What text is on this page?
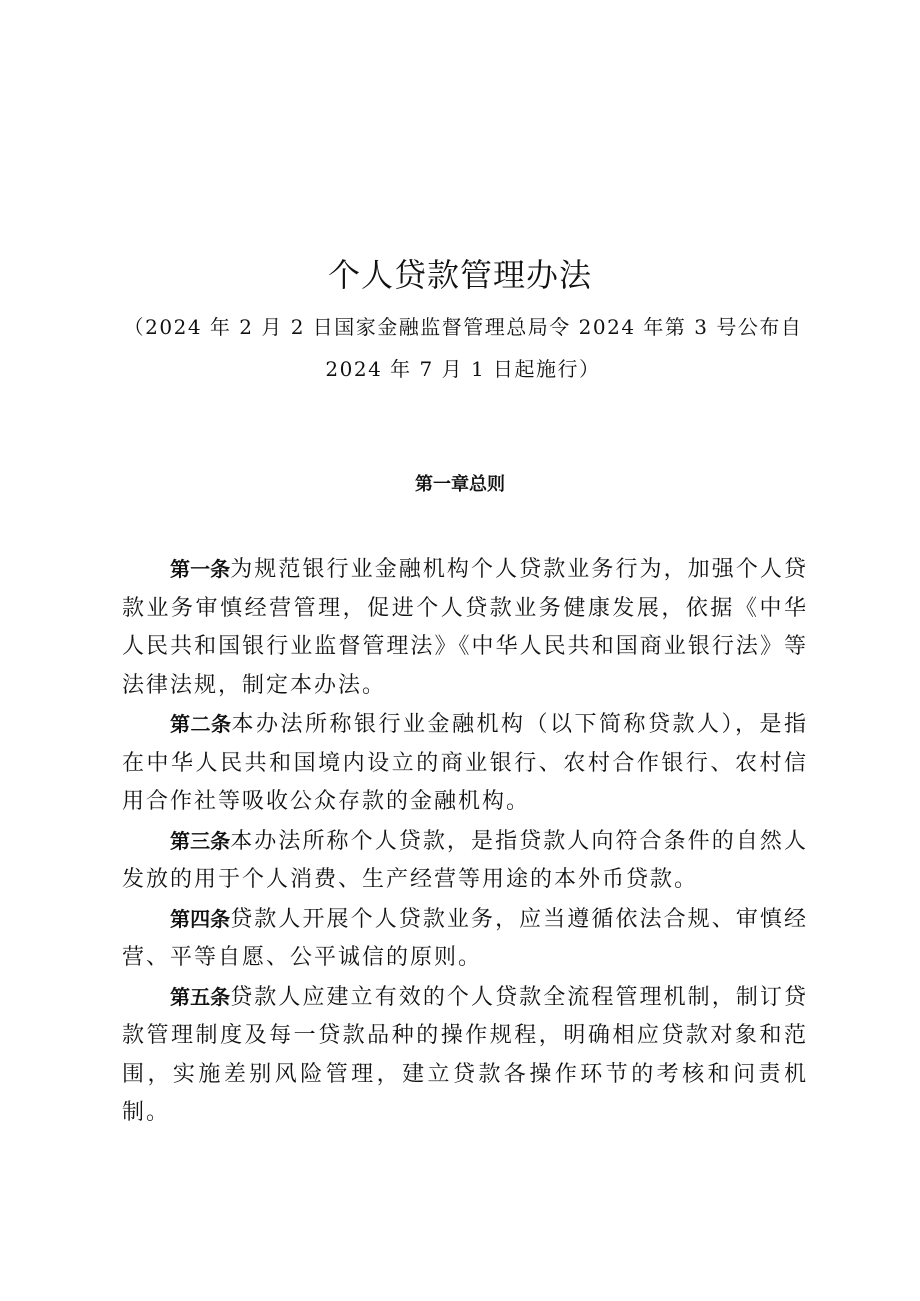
个人贷款管理办法
（2024 年 2 月 2 日国家金融监督管理总局令 2024 年第 3 号公布自
2024 年 7 月 1 日起施行）
第一章总则

第一条为规范银行业金融机构个人贷款业务行为，加强个人贷款业务审慎经营管理，促进个人贷款业务健康发展，依据《中华人民共和国银行业监督管理法》《中华人民共和国商业银行法》等法律法规，制定本办法。

第二条本办法所称银行业金融机构（以下简称贷款人），是指在中华人民共和国境内设立的商业银行、农村合作银行、农村信用合作社等吸收公众存款的金融机构。

第三条本办法所称个人贷款，是指贷款人向符合条件的自然人发放的用于个人消费、生产经营等用途的本外币贷款。

第四条贷款人开展个人贷款业务，应当遵循依法合规、审慎经营、平等自愿、公平诚信的原则。

第五条贷款人应建立有效的个人贷款全流程管理机制，制订贷款管理制度及每一贷款品种的操作规程，明确相应贷款对象和范围，实施差别风险管理，建立贷款各操作环节的考核和问责机制。
